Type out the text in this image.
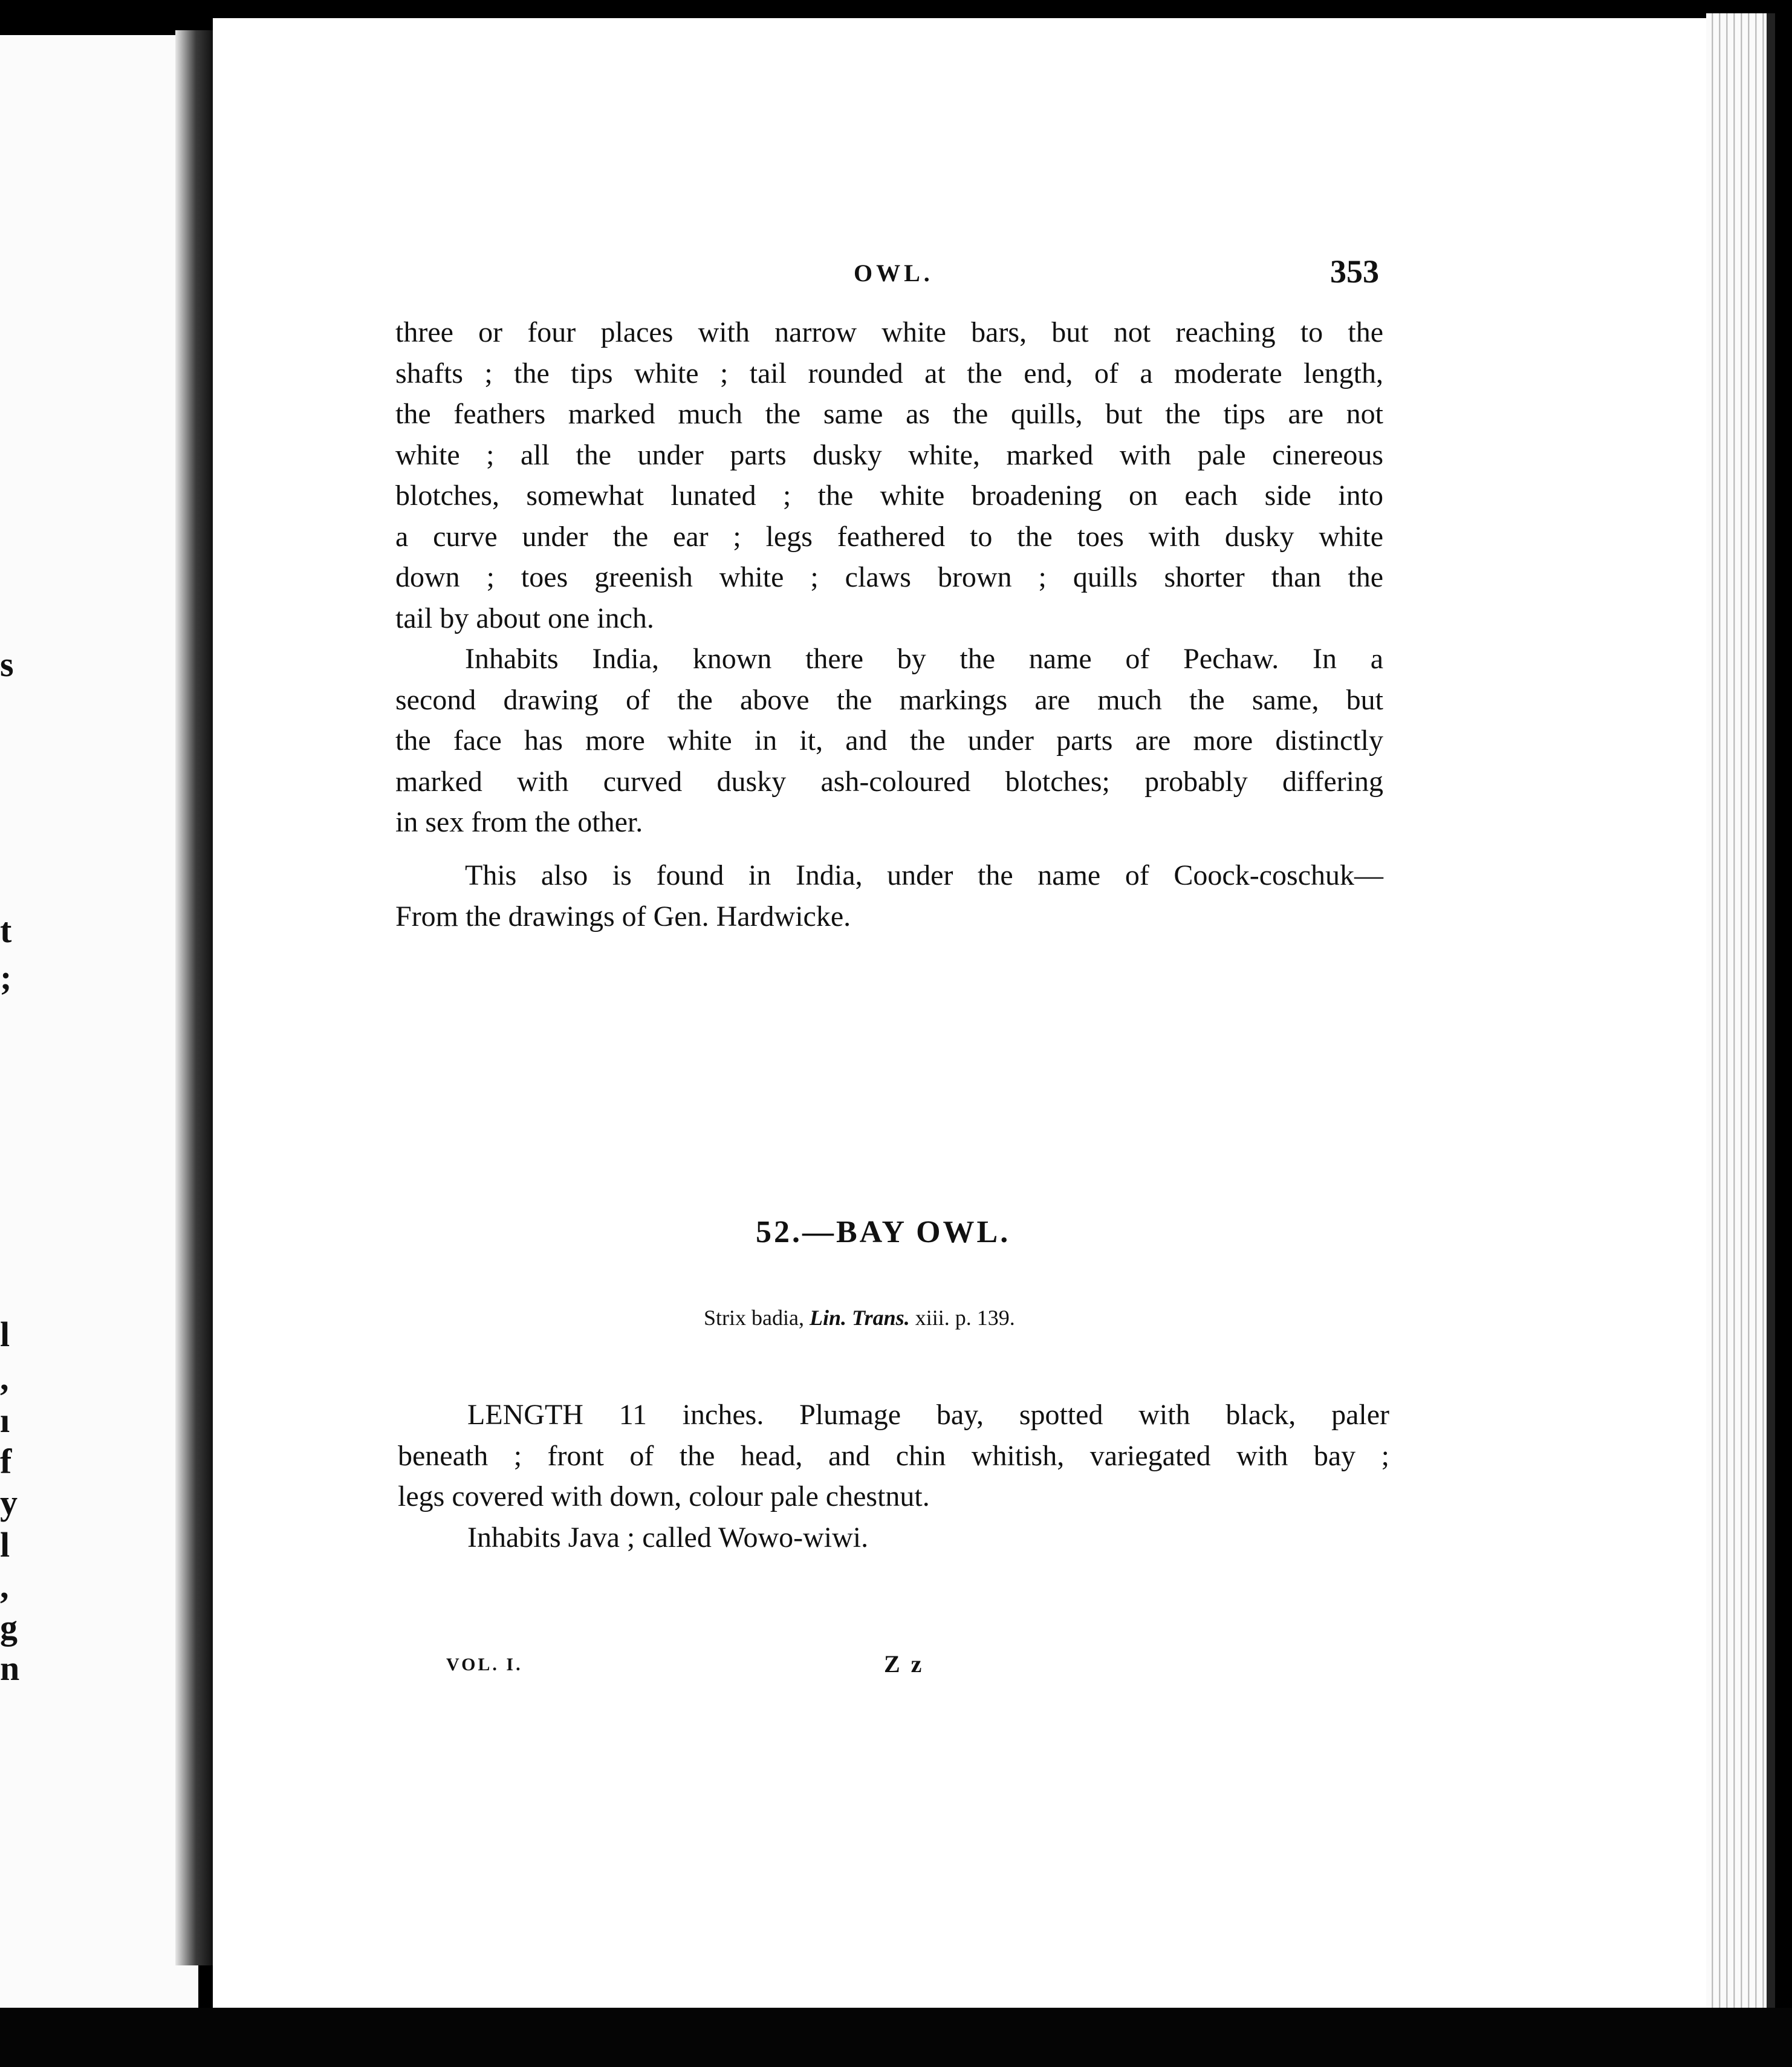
s
t
;
l
,
ı
f
y
l
,
g
n
OWL.	353
three or four places with narrow white bars, but not reaching to the
shafts ; the tips white ; tail rounded at the end, of a moderate length,
the feathers marked much the same as the quills, but the tips are not
white ; all the under parts dusky white, marked with pale cinereous
blotches, somewhat lunated ; the white broadening on each side into
a curve under the ear ; legs feathered to the toes with dusky white
down ; toes greenish white ; claws brown ; quills shorter than the
tail by about one inch.
Inhabits India, known there by the name of Pechaw. In a
second drawing of the above the markings are much the same, but
the face has more white in it, and the under parts are more distinctly
marked with curved dusky ash-coloured blotches; probably differing
in sex from the other.
This also is found in India, under the name of Coock-coschuk—
From the drawings of Gen. Hardwicke.
52.—BAY OWL.
Strix badia, Lin. Trans. xiii. p. 139.
LENGTH 11 inches. Plumage bay, spotted with black, paler
beneath ; front of the head, and chin whitish, variegated with bay ;
legs covered with down, colour pale chestnut.
Inhabits Java ; called Wowo-wiwi.
VOL. I.	Z z
